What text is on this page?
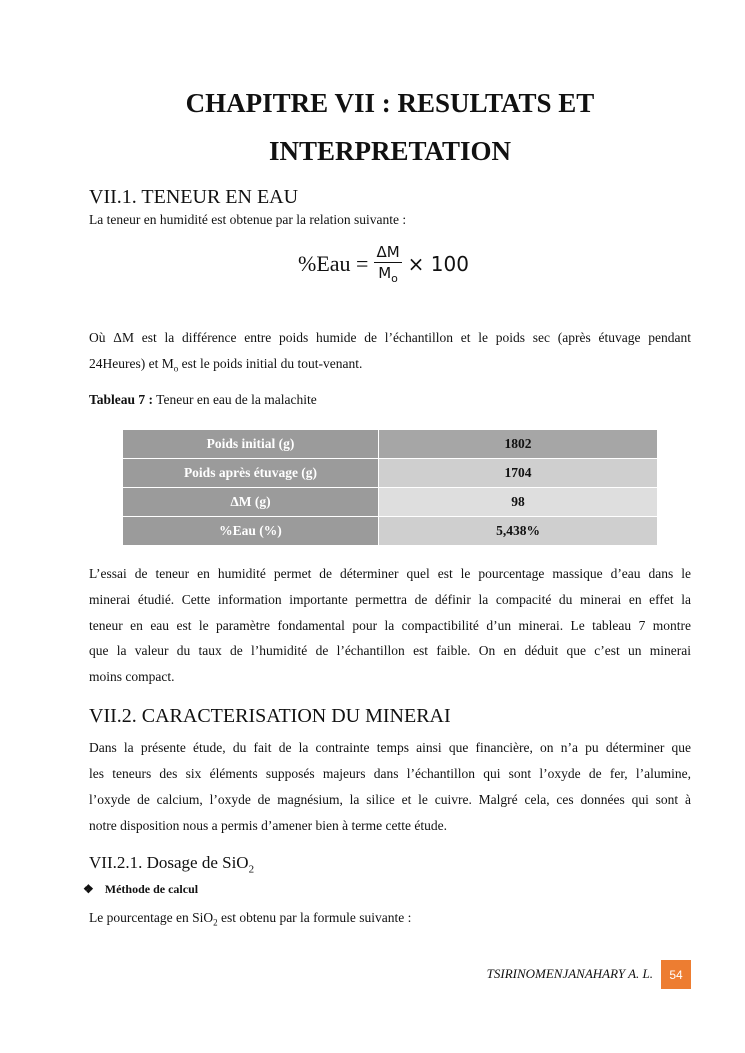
CHAPITRE VII : RESULTATS ET
INTERPRETATION
VII.1. TENEUR EN EAU
La teneur en humidité est obtenue par la relation suivante :
$\%Eau = \frac{\Delta M}{M_o} \times 100$
Où ΔM est la différence entre poids humide de l’échantillon et le poids sec (après étuvage pendant
24Heures) et $M_o$ est le poids initial du tout-venant.
Tableau 7 : Teneur en eau de la malachite
Poids initial (g)	1802
Poids après étuvage (g)	1704
ΔM (g)	98
%Eau (%)	5,438%
L’essai de teneur en humidité permet de déterminer quel est le pourcentage massique d’eau dans le
minerai étudié. Cette information importante permettra de définir la compacité du minerai en effet la
teneur en eau est le paramètre fondamental pour la compactibilité d’un minerai. Le tableau 7 montre
que la valeur du taux de l’humidité de l’échantillon est faible. On en déduit que c’est un minerai
moins compact.
VII.2. CARACTERISATION DU MINERAI
Dans la présente étude, du fait de la contrainte temps ainsi que financière, on n’a pu déterminer que
les teneurs des six éléments supposés majeurs dans l’échantillon qui sont l’oxyde de fer, l’alumine,
l’oxyde de calcium, l’oxyde de magnésium, la silice et le cuivre. Malgré cela, ces données qui sont à
notre disposition nous a permis d’amener bien à terme cette étude.
VII.2.1. Dosage de SiO$_2$
❖ Méthode de calcul
Le pourcentage en SiO$_2$ est obtenu par la formule suivante :
TSIRINOMENJANAHARY A. L.	54
